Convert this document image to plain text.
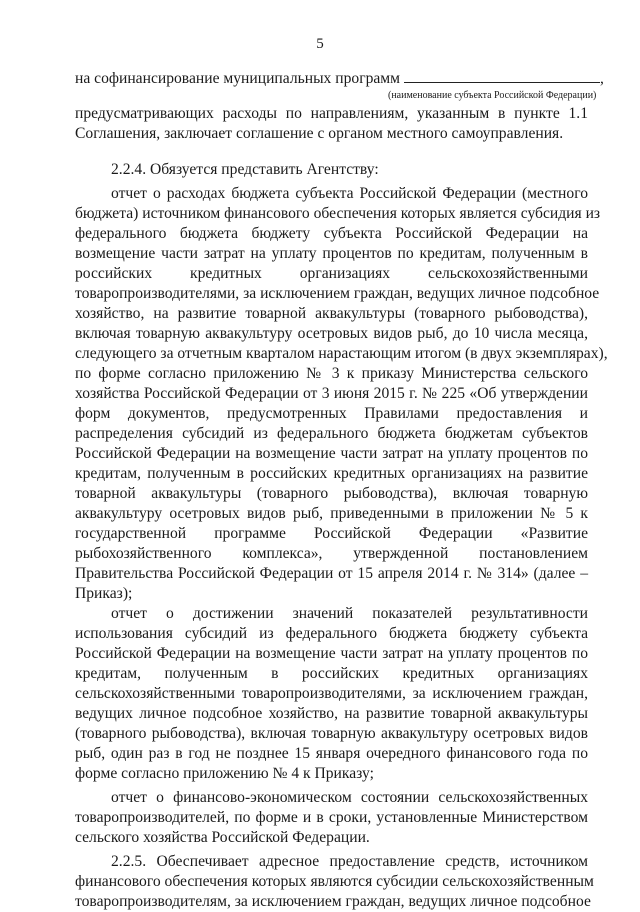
5
на софинансирование муниципальных программ	,
(наименование субъекта Российской Федерации)
предусматривающих расходы по направлениям, указанным в пункте 1.1
Соглашения, заключает соглашение с органом местного самоуправления.
2.2.4. Обязуется представить Агентству:
отчет о расходах бюджета субъекта Российской Федерации (местного
бюджета) источником финансового обеспечения которых является субсидия из
федерального бюджета бюджету субъекта Российской Федерации на
возмещение части затрат на уплату процентов по кредитам, полученным в
российских кредитных организациях сельскохозяйственными
товаропроизводителями, за исключением граждан, ведущих личное подсобное
хозяйство, на развитие товарной аквакультуры (товарного рыбоводства),
включая товарную аквакультуру осетровых видов рыб, до 10 числа месяца,
следующего за отчетным кварталом нарастающим итогом (в двух экземплярах),
по форме согласно приложению № 3 к приказу Министерства сельского
хозяйства Российской Федерации от 3 июня 2015 г. № 225 «Об утверждении
форм документов, предусмотренных Правилами предоставления и
распределения субсидий из федерального бюджета бюджетам субъектов
Российской Федерации на возмещение части затрат на уплату процентов по
кредитам, полученным в российских кредитных организациях на развитие
товарной аквакультуры (товарного рыбоводства), включая товарную
аквакультуру осетровых видов рыб, приведенными в приложении № 5 к
государственной программе Российской Федерации «Развитие
рыбохозяйственного комплекса», утвержденной постановлением
Правительства Российской Федерации от 15 апреля 2014 г. № 314» (далее –
Приказ);
отчет о достижении значений показателей результативности
использования субсидий из федерального бюджета бюджету субъекта
Российской Федерации на возмещение части затрат на уплату процентов по
кредитам, полученным в российских кредитных организациях
сельскохозяйственными товаропроизводителями, за исключением граждан,
ведущих личное подсобное хозяйство, на развитие товарной аквакультуры
(товарного рыбоводства), включая товарную аквакультуру осетровых видов
рыб, один раз в год не позднее 15 января очередного финансового года по
форме согласно приложению № 4 к Приказу;
отчет о финансово-экономическом состоянии сельскохозяйственных
товаропроизводителей, по форме и в сроки, установленные Министерством
сельского хозяйства Российской Федерации.
2.2.5. Обеспечивает адресное предоставление средств, источником
финансового обеспечения которых являются субсидии сельскохозяйственным
товаропроизводителям, за исключением граждан, ведущих личное подсобное
